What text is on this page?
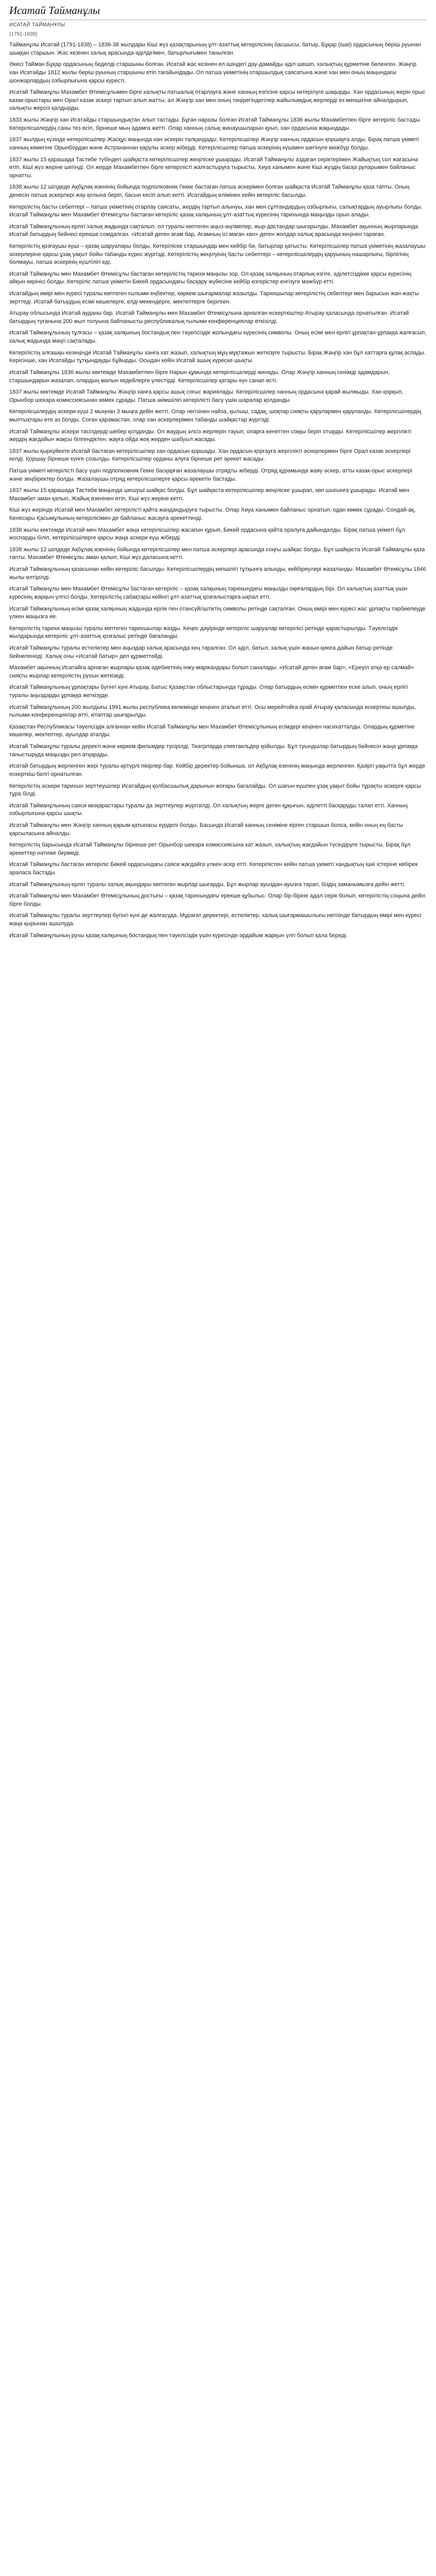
Исатай Тайманұлы
ИСАТАЙ ТАЙМАНҰЛЫ
(1791-1838)

Тайманұлы Исатай (1791-1838) – 1836-38 жылдары Кіші жүз қазақтарының ұлт-азаттық көтерілісінің басшысы, батыр, Бұқар (Ішкі) ордасының беріш руынан шыққан старшын. Жас кезінен халық арасында әділдігімен, батырлығымен танылған.

Әкесі Тайман Бұқар ордасының беделді старшыны болған. Исатай жас кезінен ел ішіндегі дау-дамайды әділ шешіп, халықтың құрметіне бөленген. Жәңгір хан Исатайды 1812 жылы беріш руының старшыны етіп тағайындады. Ол патша үкіметінің отаршылдық саясатына және хан мен оның маңындағы шонжарлардың озбырлығына қарсы күресті.

Исатай Тайманұлы Махамбет Өтемісұлымен бірге халықты патшалық отарлауға және ханның езгісіне қарсы көтерілуге шақырды. Хан ордасының жерін орыс казак-орыстары мен Орал казак әскері тартып алып жатты, ал Жәңгір хан мен оның төңірегіндегілер жайылымдық жерлерді өз меншігіне айналдырып, халықты жерсіз қалдырды.

1833 жылы Жәңгір хан Исатайды старшындықтан алып тастады. Бұған наразы болған Исатай Тайманұлы 1836 жылы Махамбетпен бірге көтеріліс бастады. Көтерілісшілердің саны тез өсіп, бірнеше мың адамға жетті. Олар ханның салық жинаушыларын қуып, хан ордасына жақындады.

1837 жылдың күзінде көтерілісшілер Жасқұс маңында хан әскерін талқандады. Көтерілісшілер Жәңгір ханның ордасын қоршауға алды. Бірақ патша үкіметі ханның көмегіне Орынбордан және Астраханнан қарулы әскер жіберді. Көтерілісшілер патша әскерінің күшімен шегінуге мәжбүр болды.

1837 жылы 15 қарашада Тастөбе түбіндегі шайқаста көтерілісшілер жеңіліске ұшырады. Исатай Тайманұлы аздаған серіктерімен Жайықтың сол жағасына өтіп, Кіші жүз жеріне шегінді. Ол жерде Махамбетпен бірге көтерілісті жалғастыруға тырысты, Хиуа ханымен және Кіші жүздің басқа руларымен байланыс орнатты.

1838 жылы 12 шілдеде Ақбұлақ өзенінің бойында подполковник Гекке бастаған патша әскерімен болған шайқаста Исатай Тайманұлы қаза тапты. Оның денесін патша әскерлері жау қолына беріп, басын кесіп алып кетті. Исатайдың өлімінен кейін көтеріліс басылды.

Көтерілістің басты себептері – патша үкіметінің отарлау саясаты, жердің тартып алынуы, хан мен сұлтандардың озбырлығы, салықтардың ауырлығы болды. Исатай Тайманұлы мен Махамбет Өтемісұлы бастаған көтеріліс қазақ халқының ұлт-азаттық күресінің тарихында маңызды орын алады.

Исатай Тайманұлының ерлігі халық жадында сақталып, ол туралы көптеген аңыз-әңгімелер, жыр-дастандар шығарылды. Махамбет ақынның жырларында Исатай батырдың бейнесі ерекше сомдалған. «Исатай деген ағам бар, Ағамның ісі маған хан» деген жолдар халық арасында кеңінен тараған.

Көтерілістің қозғаушы күші – қазақ шаруалары болды. Көтеріліске старшындар мен кейбір би, батырлар қатысты. Көтерілісшілер патша үкіметінің жазалаушы әскерлеріне қарсы ұзақ уақыт бойы табанды күрес жүргізді. Көтерілістің жеңілуінің басты себептері – көтерілісшілердің қаруының нашарлығы, бірлігінің болмауы, патша әскерінің күштілігі еді.

Исатай Тайманұлы мен Махамбет Өтемісұлы бастаған көтерілістің тарихи маңызы зор. Ол қазақ халқының отарлық езгіге, әділетсіздікке қарсы күресінің айқын көрінісі болды. Көтеріліс патша үкіметін Бөкей ордасындағы басқару жүйесіне кейбір өзгерістер енгізуге мәжбүр етті.

Исатайдың өмірі мен күресі туралы көптеген ғылыми еңбектер, көркем шығармалар жазылды. Тарихшылар көтерілістің себептері мен барысын жан-жақты зерттеді. Исатай батырдың есімі көшелерге, елді мекендерге, мектептерге берілген.

Атырау облысында Исатай ауданы бар. Исатай Тайманұлы мен Махамбет Өтемісұлына арналған ескерткіштер Атырау қаласында орнатылған. Исатай батырдың туғанына 200 жыл толуына байланысты республикалық ғылыми конференциялар өткізілді.

Исатай Тайманұлының тұлғасы – қазақ халқының бостандық пен тәуелсіздік жолындағы күресінің символы. Оның есімі мен ерлігі ұрпақтан-ұрпаққа жалғасып, халық жадында мәңгі сақталады.

Көтерілістің алғашқы кезеңінде Исатай Тайманұлы ханға хат жазып, халықтың мұң-мұқтажын жеткізуге тырысты. Бірақ Жәңгір хан бұл хаттарға құлақ аспады. Керісінше, хан Исатайды тұтқындауды бұйырды. Осыдан кейін Исатай ашық күреске шықты.

Исатай Тайманұлы 1836 жылы көктемде Махамбетпен бірге Нарын құмында көтерілісшілерді жинады. Олар Жәңгір ханның сенімді адамдарын, старшындарын жазалап, олардың малын кедейлерге үлестірді. Көтерілісшілер қатары күн санап өсті.

1837 жылы көктемде Исатай Тайманұлы Жәңгір ханға қарсы ашық соғыс жариялады. Көтерілісшілер ханның ордасына қарай жылжыды. Хан қорқып, Орынбор шекара комиссиясынан көмек сұрады. Патша әкімшілігі көтерілісті басу үшін шаралар қолданды.

Көтерілісшілердің әскери күші 2 мыңнан 3 мыңға дейін жетті. Олар негізінен найза, қылыш, садақ, шоқпар сияқты қарулармен қаруланды. Көтерілісшілердің мылтықтары өте аз болды. Соған қарамастан, олар хан әскерлерімен табанды шайқастар жүргізді.

Исатай Тайманұлы әскери тәсілдерді шебер қолданды. Ол жаудың әлсіз жерлерін тауып, оларға кенеттен соққы беріп отырды. Көтерілісшілер жергілікті жердің жағдайын жақсы білгендіктен, жауға ойда жоқ жерден шабуыл жасады.

1837 жылы қыркүйекте Исатай бастаған көтерілісшілер хан ордасын қоршады. Хан ордасын қорғауға жергілікті әскерлермен бірге Орал казак әскерлері келді. Қоршау бірнеше күнге созылды. Көтерілісшілер орданы алуға бірнеше рет әрекет жасады.

Патша үкіметі көтерілісті басу үшін подполковник Гекке басқарған жазалаушы отрядты жіберді. Отряд құрамында жаяу әскер, атты казак-орыс әскерлері және зеңбіректер болды. Жазалаушы отряд көтерілісшілерге қарсы әрекетін бастады.

1837 жылы 15 қарашада Тастөбе маңында шешуші шайқас болды. Бұл шайқаста көтерілісшілер жеңіліске ұшырап, көп шығынға ұшырады. Исатай мен Махамбет аман қалып, Жайық өзенінен өтіп, Кіші жүз жеріне кетті.

Кіші жүз жерінде Исатай мен Махамбет көтерілісті қайта жандандыруға тырысты. Олар Хиуа ханымен байланыс орнатып, одан көмек сұрады. Сондай-ақ, Кенесары Қасымұлының көтерілісімен де байланыс жасауға әрекеттенді.

1838 жылы көктемде Исатай мен Махамбет жаңа көтерілісшілер жасағын құрып, Бөкей ордасына қайта оралуға дайындалды. Бірақ патша үкіметі бұл жоспарды біліп, көтерілісшілерге қарсы жаңа әскери күш жіберді.

1838 жылы 12 шілдеде Ақбұлақ өзенінің бойында көтерілісшілер мен патша әскерлері арасында соңғы шайқас болды. Бұл шайқаста Исатай Тайманұлы қаза тапты. Махамбет Өтемісұлы аман қалып, Кіші жүз даласына кетті.

Исатай Тайманұлының қазасынан кейін көтеріліс басылды. Көтерілісшілердің көпшілігі тұтқынға алынды, кейбіреулері жазаланды. Махамбет Өтемісұлы 1846 жылы өлтірілді.

Исатай Тайманұлы мен Махамбет Өтемісұлы бастаған көтеріліс – қазақ халқының тарихындағы маңызды оқиғалардың бірі. Ол халықтың азаттық үшін күресінің жарқын үлгісі болды. Көтерілістің сабақтары кейінгі ұлт-азаттық қозғалыстарға ықпал етті.

Исатай Тайманұлының есімі қазақ халқының жадында ерлік пен отансүйгіштіктің символы ретінде сақталған. Оның өмірі мен күресі жас ұрпақты тәрбиелеуде үлкен маңызға ие.

Көтерілістің тарихи маңызы туралы көптеген тарихшылар жазды. Кеңес дәуірінде көтеріліс шаруалар көтерілісі ретінде қарастырылды. Тәуелсіздік жылдарында көтеріліс ұлт-азаттық қозғалыс ретінде бағаланды.

Исатай Тайманұлы туралы естеліктер мен аңыздар халық арасында кең таралған. Ол әділ, батыл, халық үшін жанын қиюға дайын батыр ретінде бейнеленеді. Халық оны «Исатай батыр» деп құрметтейді.

Махамбет ақынның Исатайға арнаған жырлары қазақ әдебиетінің інжу-маржандары болып саналады. «Исатай деген ағам бар», «Ереуіл атқа ер салмай» сияқты жырлар көтерілістің рухын жеткізеді.

Исатай Тайманұлының ұрпақтары бүгінгі күні Атырау, Батыс Қазақстан облыстарында тұрады. Олар батырдың есімін құрметпен еске алып, оның ерлігі туралы аңыздарды ұрпаққа жеткізуде.

Исатай Тайманұлының 200 жылдығы 1991 жылы республика көлемінде кеңінен аталып өтті. Осы мерейтойға орай Атырау қаласында ескерткіш ашылды, ғылыми конференциялар өтті, кітаптар шығарылды.

Қазақстан Республикасы тәуелсіздік алғаннан кейін Исатай Тайманұлы мен Махамбет Өтемісұлының есімдері кеңінен насихатталды. Олардың құрметіне көшелер, мектептер, ауылдар аталды.

Исатай Тайманұлы туралы деректі және көркем фильмдер түсірілді. Театрларда спектакльдер қойылды. Бұл туындылар батырдың бейнесін жаңа ұрпаққа таныстыруда маңызды рөл атқарады.

Исатай батырдың жерленген жері туралы әртүрлі пікірлер бар. Кейбір деректер бойынша, ол Ақбұлақ өзенінің маңында жерленген. Қазіргі уақытта бұл жерде ескерткіш белгі орнатылған.

Көтерілістің әскери тарихын зерттеушілер Исатайдың қолбасшылық дарынын жоғары бағалайды. Ол шағын күшпен ұзақ уақыт бойы тұрақты әскерге қарсы тұра білді.

Исатай Тайманұлының саяси көзқарастары туралы да зерттеулер жүргізілді. Ол халықтың жерге деген құқығын, әділетті басқаруды талап етті. Ханның озбырлығына қарсы шықты.

Исатай Тайманұлы мен Жәңгір ханның қарым-қатынасы күрделі болды. Басында Исатай ханның сеніміне кірген старшын болса, кейін оның ең басты қарсыласына айналды.

Көтерілістің барысында Исатай Тайманұлы бірнеше рет Орынбор шекара комиссиясына хат жазып, халықтың жағдайын түсіндіруге тырысты. Бірақ бұл әрекеттер нәтиже бермеді.

Исатай Тайманұлы бастаған көтеріліс Бөкей ордасындағы саяси жағдайға үлкен әсер етті. Көтерілістен кейін патша үкіметі хандықтың ішкі істеріне көбірек араласа бастады.

Исатай Тайманұлының ерлігі туралы халық ақындары көптеген жырлар шығарды. Бұл жырлар ауыздан-ауызға тарап, біздің заманымызға дейін жетті.

Исатай Тайманұлы мен Махамбет Өтемісұлының достығы – қазақ тарихындағы ерекше құбылыс. Олар бір-біріне адал серік болып, көтерілістің соңына дейін бірге болды.

Исатай Тайманұлы туралы зерттеулер бүгінгі күні де жалғасуда. Мұрағат деректері, естеліктер, халық шығармашылығы негізінде батырдың өмірі мен күресі жаңа қырынан ашылуда.

Исатай Тайманұлының рухы қазақ халқының бостандық пен тәуелсіздік үшін күресінде әрдайым жарқын үлгі болып қала береді.
